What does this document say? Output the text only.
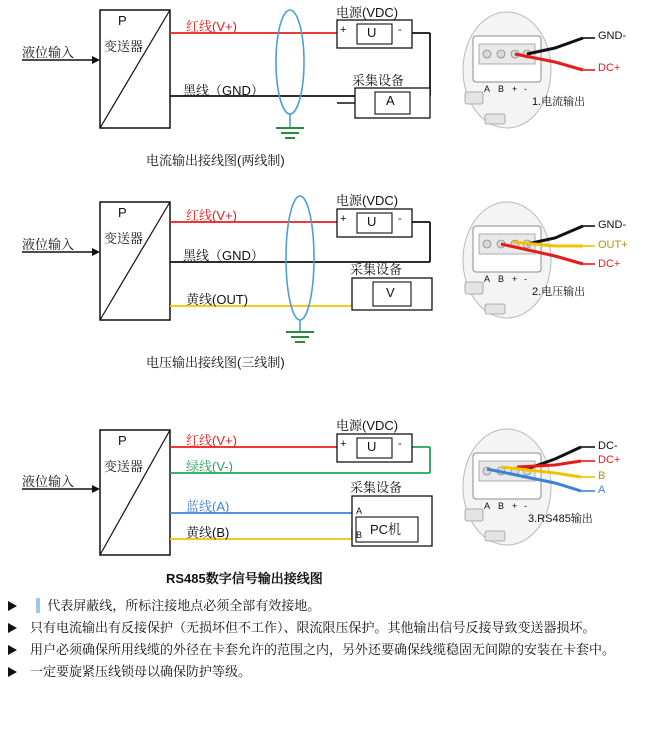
P
变送器
液位输入
红线(V+)
黑线（GND）
电源(VDC)
+	-
U
采集设备
A
电流输出接线图(两线制)
P
变送器
液位输入
红线(V+)
黑线（GND）
黄线(OUT)
电源(VDC)
+	-
U
采集设备
V
电压输出接线图(三线制)
P
变送器
液位输入
红线(V+)
绿线(V-)
蓝线(A)
黄线(B)
电源(VDC)
+	-
U
采集设备
A
B PC机
RS485数字信号输出接线图
A B + -
GND-
DC+
1.电流输出
A B + -
GND-
OUT+
DC+
2.电压输出
A B + -
DC-
DC+
B
A
3.RS485输出
代表屏蔽线，所标注接地点必须全部有效接地。
只有电流输出有反接保护（无损坏但不工作）、限流限压保护。其他输出信号反接导致变送器损坏。
用户必须确保所用线缆的外径在卡套允许的范围之内，另外还要确保线缆稳固无间隙的安装在卡套中。
一定要旋紧压线锁母以确保防护等级。
